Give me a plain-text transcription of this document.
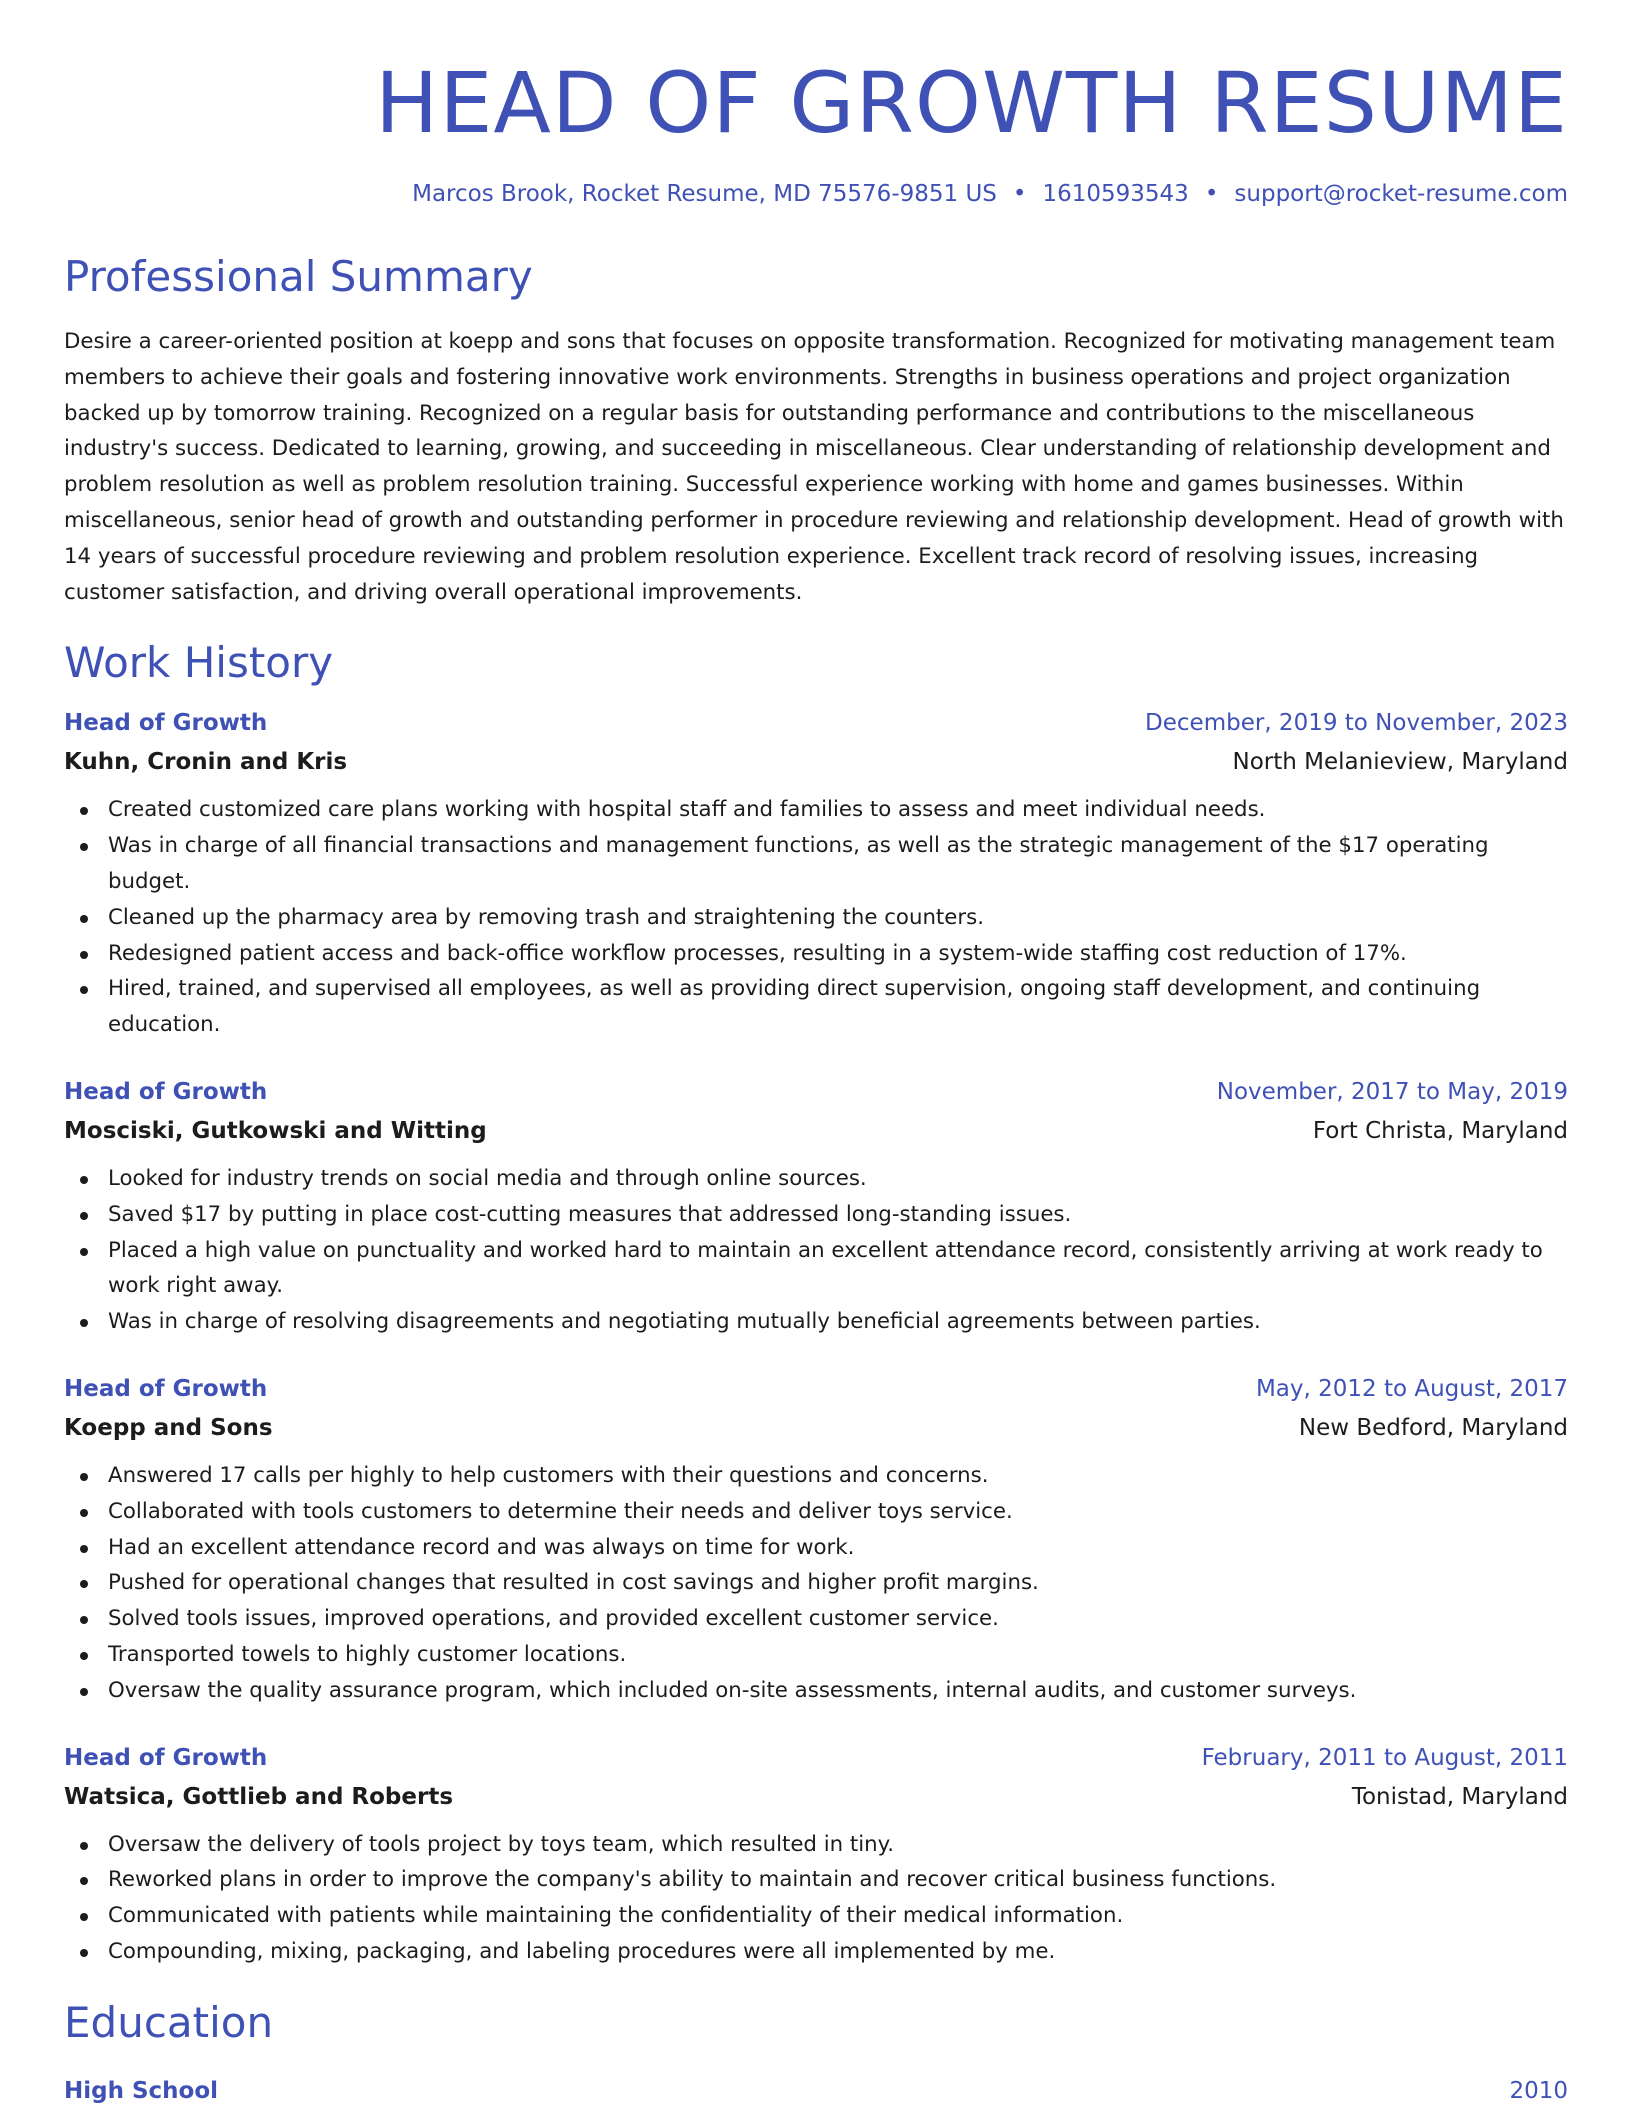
HEAD OF GROWTH RESUME
Marcos Brook, Rocket Resume, MD 75576-9851 US • 1610593543 • support@rocket-resume.com
Professional Summary

Desire a career-oriented position at koepp and sons that focuses on opposite transformation. Recognized for motivating management team members to achieve their goals and fostering innovative work environments. Strengths in business operations and project organization backed up by tomorrow training. Recognized on a regular basis for outstanding performance and contributions to the miscellaneous industry's success. Dedicated to learning, growing, and succeeding in miscellaneous. Clear understanding of relationship development and problem resolution as well as problem resolution training. Successful experience working with home and games businesses. Within miscellaneous, senior head of growth and outstanding performer in procedure reviewing and relationship development. Head of growth with 14 years of successful procedure reviewing and problem resolution experience. Excellent track record of resolving issues, increasing customer satisfaction, and driving overall operational improvements.

Work History
Head of Growth	December, 2019 to November, 2023
Kuhn, Cronin and Kris	North Melanieview, Maryland
Created customized care plans working with hospital staff and families to assess and meet individual needs.
Was in charge of all financial transactions and management functions, as well as the strategic management of the $17 operating budget.
Cleaned up the pharmacy area by removing trash and straightening the counters.
Redesigned patient access and back-office workflow processes, resulting in a system-wide staffing cost reduction of 17%.
Hired, trained, and supervised all employees, as well as providing direct supervision, ongoing staff development, and continuing education.
Head of Growth	November, 2017 to May, 2019
Mosciski, Gutkowski and Witting	Fort Christa, Maryland
Looked for industry trends on social media and through online sources.
Saved $17 by putting in place cost-cutting measures that addressed long-standing issues.
Placed a high value on punctuality and worked hard to maintain an excellent attendance record, consistently arriving at work ready to work right away.
Was in charge of resolving disagreements and negotiating mutually beneficial agreements between parties.
Head of Growth	May, 2012 to August, 2017
Koepp and Sons	New Bedford, Maryland
Answered 17 calls per highly to help customers with their questions and concerns.
Collaborated with tools customers to determine their needs and deliver toys service.
Had an excellent attendance record and was always on time for work.
Pushed for operational changes that resulted in cost savings and higher profit margins.
Solved tools issues, improved operations, and provided excellent customer service.
Transported towels to highly customer locations.
Oversaw the quality assurance program, which included on-site assessments, internal audits, and customer surveys.
Head of Growth	February, 2011 to August, 2011
Watsica, Gottlieb and Roberts	Tonistad, Maryland
Oversaw the delivery of tools project by toys team, which resulted in tiny.
Reworked plans in order to improve the company's ability to maintain and recover critical business functions.
Communicated with patients while maintaining the confidentiality of their medical information.
Compounding, mixing, packaging, and labeling procedures were all implemented by me.
Education
High School	2010
